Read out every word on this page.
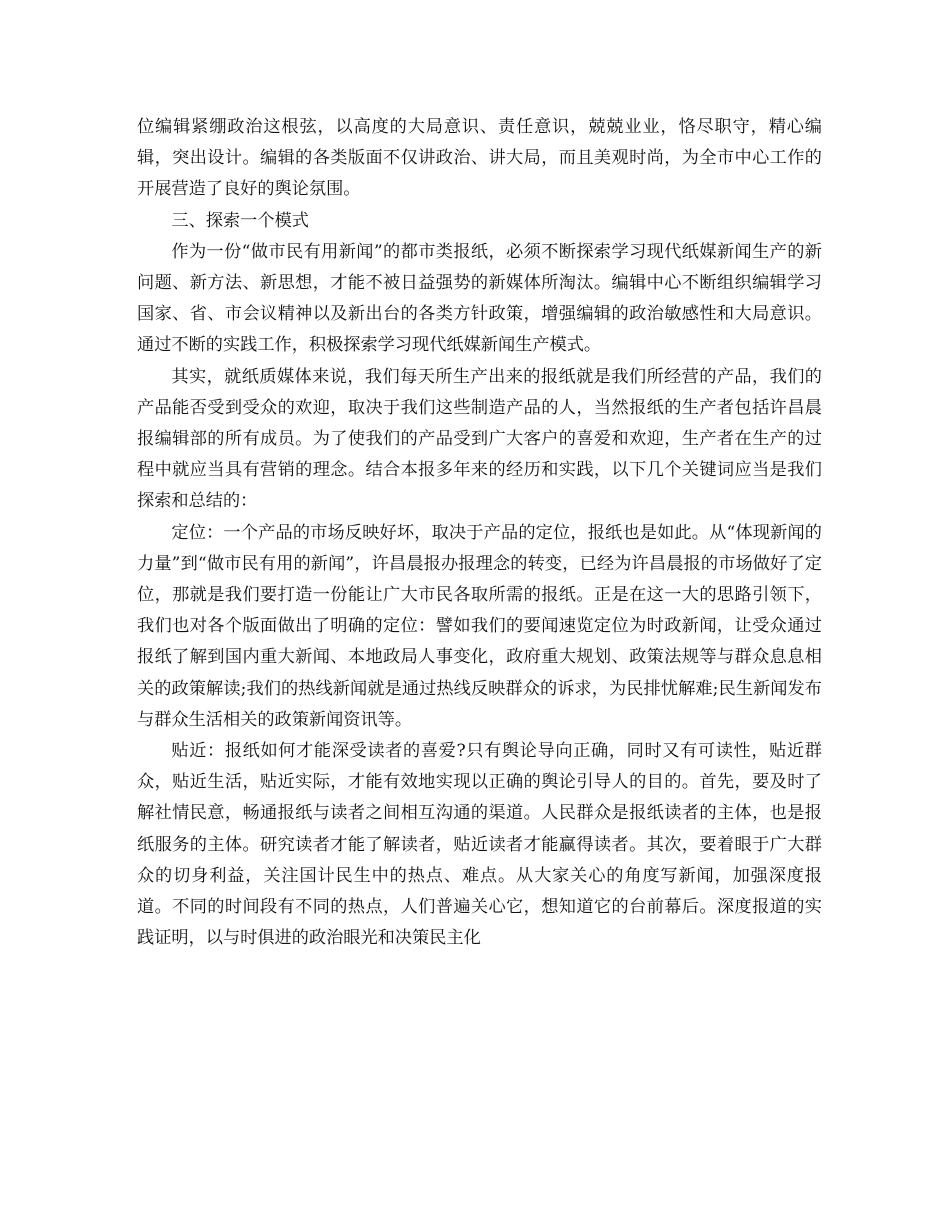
位编辑紧绷政治这根弦，以高度的大局意识、责任意识，兢兢业业，恪尽职守，精心编辑，突出设计。编辑的各类版面不仅讲政治、讲大局，而且美观时尚，为全市中心工作的开展营造了良好的舆论氛围。

三、探索一个模式

作为一份“做市民有用新闻”的都市类报纸，必须不断探索学习现代纸媒新闻生产的新问题、新方法、新思想，才能不被日益强势的新媒体所淘汰。编辑中心不断组织编辑学习国家、省、市会议精神以及新出台的各类方针政策，增强编辑的政治敏感性和大局意识。通过不断的实践工作，积极探索学习现代纸媒新闻生产模式。

其实，就纸质媒体来说，我们每天所生产出来的报纸就是我们所经营的产品，我们的产品能否受到受众的欢迎，取决于我们这些制造产品的人，当然报纸的生产者包括许昌晨报编辑部的所有成员。为了使我们的产品受到广大客户的喜爱和欢迎，生产者在生产的过程中就应当具有营销的理念。结合本报多年来的经历和实践，以下几个关键词应当是我们探索和总结的：

定位：一个产品的市场反映好坏，取决于产品的定位，报纸也是如此。从“体现新闻的力量”到“做市民有用的新闻”，许昌晨报办报理念的转变，已经为许昌晨报的市场做好了定位，那就是我们要打造一份能让广大市民各取所需的报纸。正是在这一大的思路引领下，我们也对各个版面做出了明确的定位：譬如我们的要闻速览定位为时政新闻，让受众通过报纸了解到国内重大新闻、本地政局人事变化，政府重大规划、政策法规等与群众息息相关的政策解读;我们的热线新闻就是通过热线反映群众的诉求，为民排忧解难;民生新闻发布与群众生活相关的政策新闻资讯等。

贴近：报纸如何才能深受读者的喜爱?只有舆论导向正确，同时又有可读性，贴近群众，贴近生活，贴近实际，才能有效地实现以正确的舆论引导人的目的。首先，要及时了解社情民意，畅通报纸与读者之间相互沟通的渠道。人民群众是报纸读者的主体，也是报纸服务的主体。研究读者才能了解读者，贴近读者才能赢得读者。其次，要着眼于广大群众的切身利益，关注国计民生中的热点、难点。从大家关心的角度写新闻，加强深度报道。不同的时间段有不同的热点，人们普遍关心它，想知道它的台前幕后。深度报道的实践证明，以与时俱进的政治眼光和决策民主化
